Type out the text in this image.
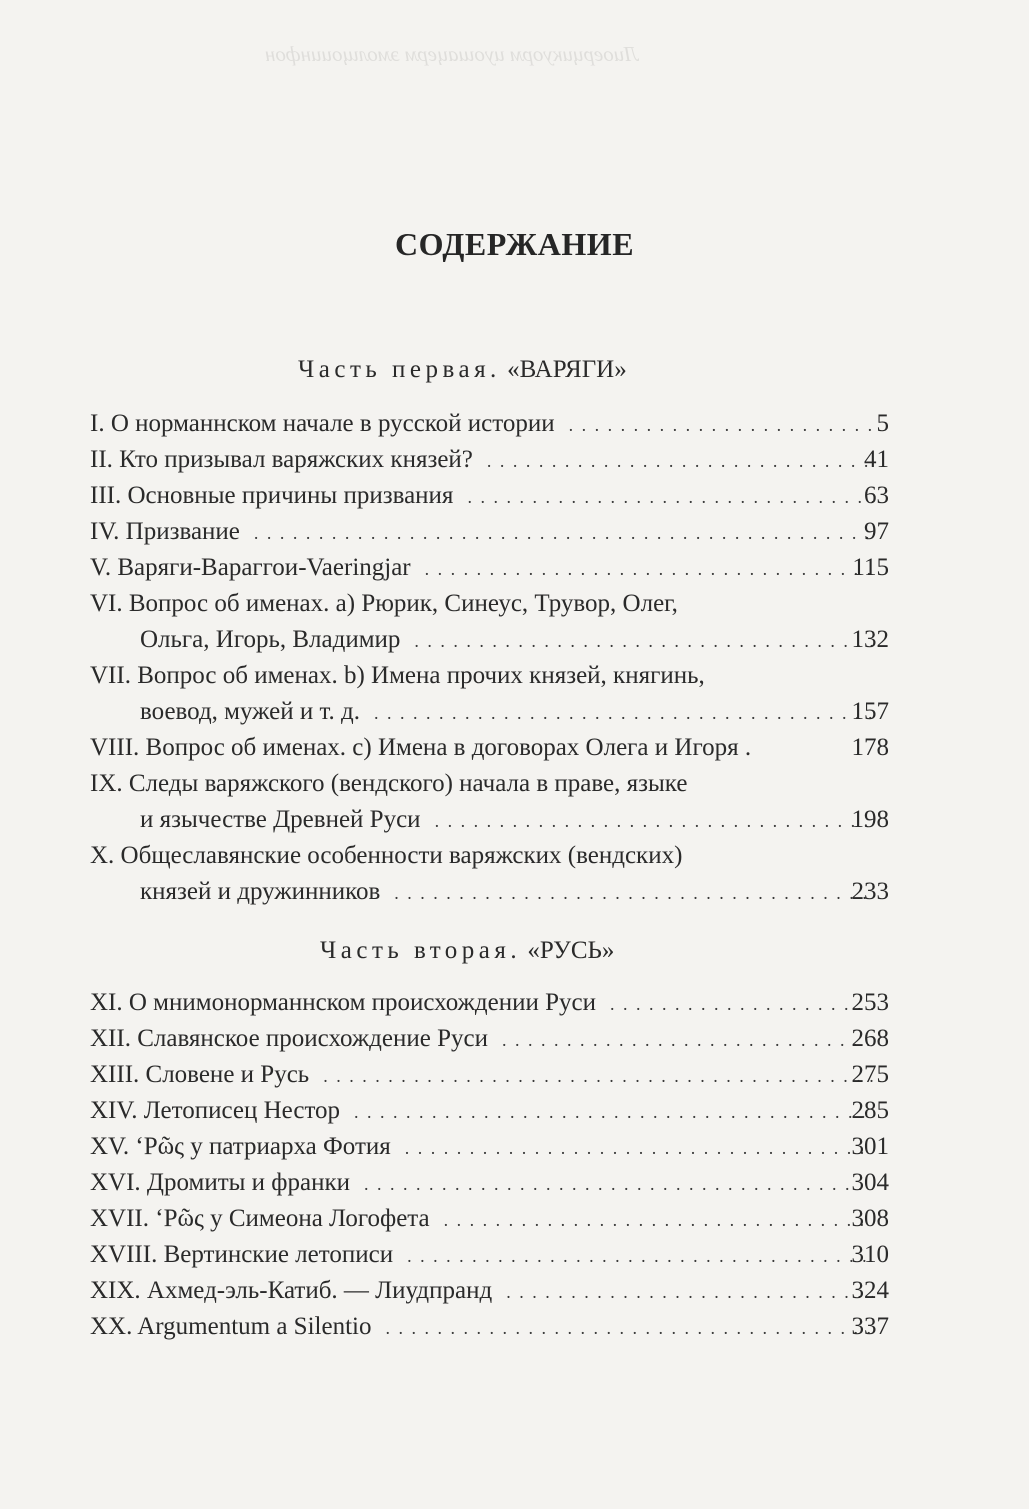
Лиоерцикуорм иуошацерм эмолщоиинфон
СОДЕРЖАНИЕ
Часть первая. «ВАРЯГИ»
I. О норманнском начале в русской истории . . .	5
II. Кто призывал варяжских князей? . . .	41
III. Основные причины призвания . . .	63
IV. Призвание . . .	97
V. Варяги-Вараггои-Vaeringjar . . .	115
VI. Вопрос об именах. а) Рюрик, Синеус, Трувор, Олег,
Ольга, Игорь, Владимир . . .	132
VII. Вопрос об именах. b) Имена прочих князей, княгинь,
воевод, мужей и т. д. . . .	157
VIII. Вопрос об именах. с) Имена в договорах Олега и Игоря .	178
IX. Следы варяжского (вендского) начала в праве, языке
и язычестве Древней Руси . . .	198
X. Общеславянские особенности варяжских (вендских)
князей и дружинников . . .	233
Часть вторая. «РУСЬ»
XI. О мнимонорманнском происхождении Руси . . .	253
XII. Славянское происхождение Руси . . .	268
XIII. Словене и Русь . . .	275
XIV. Летописец Нестор . . .	285
XV. ‘Ρῶς у патриарха Фотия . . .	301
XVI. Дромиты и франки . . .	304
XVII. ‘Ρῶς у Симеона Логофета . . .	308
XVIII. Вертинские летописи . . .	310
XIX. Ахмед-эль-Катиб. — Лиудпранд . . .	324
XX. Argumentum a Silentio . . .	337
